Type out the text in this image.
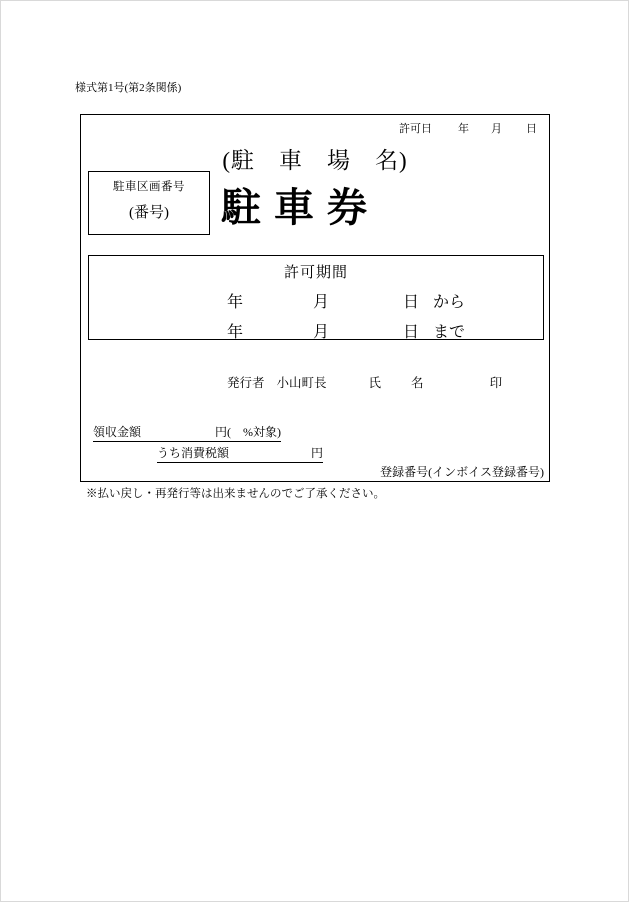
様式第1号(第2条関係)
許可日 年 月 日
(駐　車　場　名)
駐車区画番号
(番号)	駐車券
許可期間
年	月	日 から
年	月	日 まで
発行者 小山町長	氏 名	印
領収金額	円(　%対象)
うち消費税額	円
登録番号(インボイス登録番号)
※払い戻し・再発行等は出来ませんのでご了承ください。
